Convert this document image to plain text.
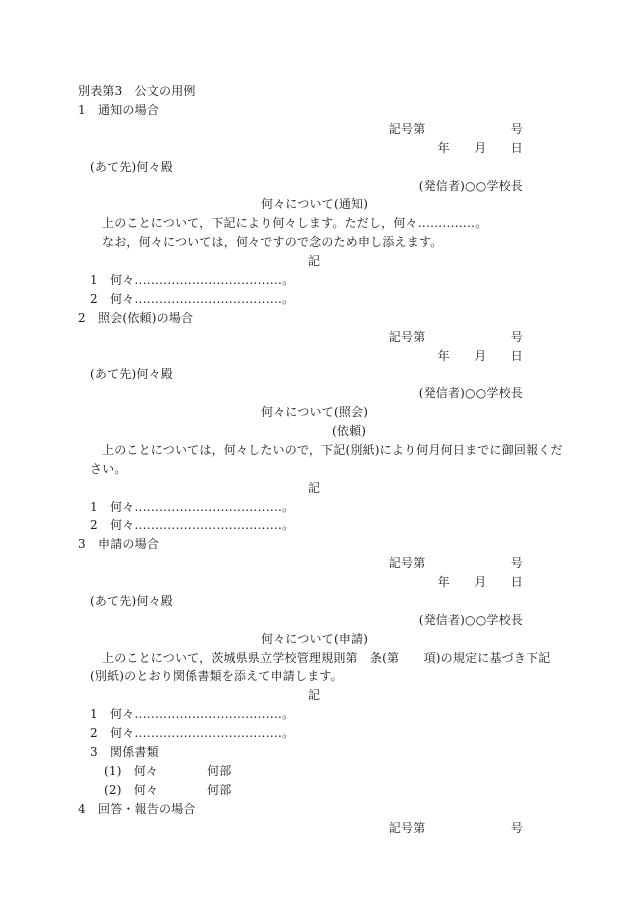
別表第3　公文の用例
1　通知の場合
記号第　　　　　　　号
年　　月　　日
(あて先)何々殿
(発信者)○○学校長
何々について(通知)
上のことについて，下記により何々します。ただし，何々‥‥‥‥‥‥‥。
なお，何々については，何々ですので念のため申し添えます。
記
1　何々‥‥‥‥‥‥‥‥‥‥‥‥‥‥‥‥‥‥。
2　何々‥‥‥‥‥‥‥‥‥‥‥‥‥‥‥‥‥‥。
2　照会(依頼)の場合
記号第　　　　　　　号
年　　月　　日
(あて先)何々殿
(発信者)○○学校長
何々について(照会)
(依頼)
上のことについては，何々したいので，下記(別紙)により何月何日までに御回報くだ
さい。
記
1　何々‥‥‥‥‥‥‥‥‥‥‥‥‥‥‥‥‥‥。
2　何々‥‥‥‥‥‥‥‥‥‥‥‥‥‥‥‥‥‥。
3　申請の場合
記号第　　　　　　　号
年　　月　　日
(あて先)何々殿
(発信者)○○学校長
何々について(申請)
上のことについて，茨城県県立学校管理規則第　条(第　　項)の規定に基づき下記
(別紙)のとおり関係書類を添えて申請します。
記
1　何々‥‥‥‥‥‥‥‥‥‥‥‥‥‥‥‥‥‥。
2　何々‥‥‥‥‥‥‥‥‥‥‥‥‥‥‥‥‥‥。
3　関係書類
(1)　何々　　　　何部
(2)　何々　　　　何部
4　回答・報告の場合
記号第　　　　　　　号
